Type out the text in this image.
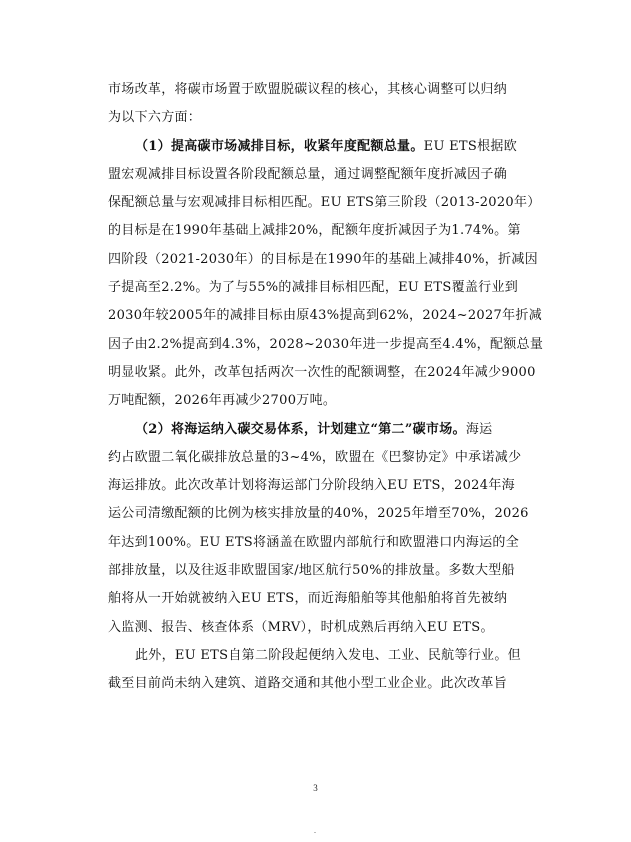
市场改革，将碳市场置于欧盟脱碳议程的核心，其核心调整可以归纳
为以下六方面：
（1）提高碳市场减排目标，收紧年度配额总量。EU ETS根据欧
盟宏观减排目标设置各阶段配额总量，通过调整配额年度折减因子确
保配额总量与宏观减排目标相匹配。EU ETS第三阶段（2013-2020年）
的目标是在1990年基础上减排20%，配额年度折减因子为1.74%。第
四阶段（2021-2030年）的目标是在1990年的基础上减排40%，折减因
子提高至2.2%。为了与55%的减排目标相匹配，EU ETS覆盖行业到
2030年较2005年的减排目标由原43%提高到62%，2024~2027年折减
因子由2.2%提高到4.3%，2028~2030年进一步提高至4.4%，配额总量
明显收紧。此外，改革包括两次一次性的配额调整，在2024年减少9000
万吨配额，2026年再减少2700万吨。
（2）将海运纳入碳交易体系，计划建立“第二”碳市场。海运
约占欧盟二氧化碳排放总量的3~4%，欧盟在《巴黎协定》中承诺减少
海运排放。此次改革计划将海运部门分阶段纳入EU ETS，2024年海
运公司清缴配额的比例为核实排放量的40%，2025年增至70%，2026
年达到100%。EU ETS将涵盖在欧盟内部航行和欧盟港口内海运的全
部排放量，以及往返非欧盟国家/地区航行50%的排放量。多数大型船
舶将从一开始就被纳入EU ETS，而近海船舶等其他船舶将首先被纳
入监测、报告、核查体系（MRV），时机成熟后再纳入EU ETS。
此外，EU ETS自第二阶段起便纳入发电、工业、民航等行业。但
截至目前尚未纳入建筑、道路交通和其他小型工业企业。此次改革旨
3
